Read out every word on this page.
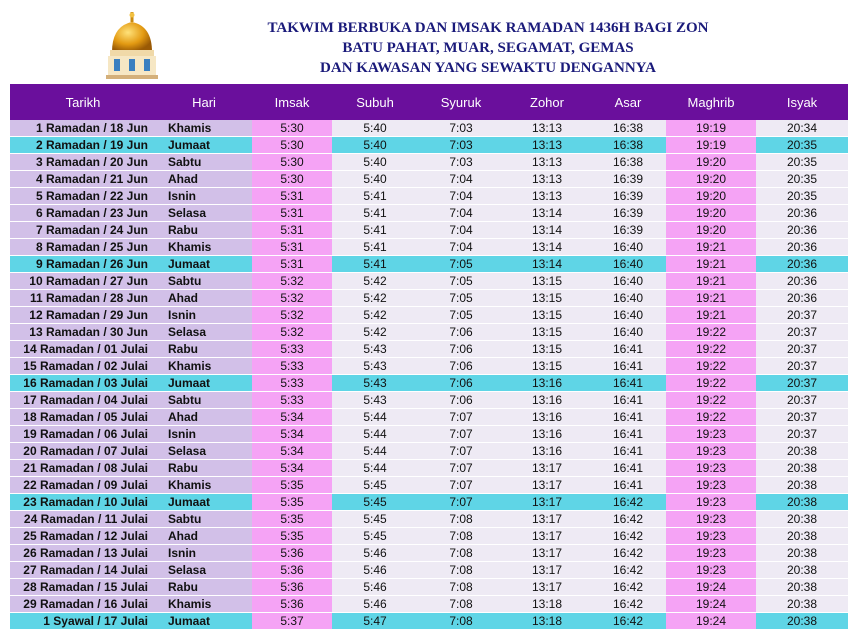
TAKWIM BERBUKA DAN IMSAK RAMADAN 1436H BAGI ZON
BATU PAHAT, MUAR, SEGAMAT, GEMAS
DAN KAWASAN YANG SEWAKTU DENGANNYA
Tarikh	Hari	Imsak	Subuh	Syuruk	Zohor	Asar	Maghrib	Isyak

1 Ramadan / 18 Jun	Khamis	5:30	5:40	7:03	13:13	16:38	19:19	20:34
2 Ramadan / 19 Jun	Jumaat	5:30	5:40	7:03	13:13	16:38	19:19	20:35
3 Ramadan / 20 Jun	Sabtu	5:30	5:40	7:03	13:13	16:38	19:20	20:35
4 Ramadan / 21 Jun	Ahad	5:30	5:40	7:04	13:13	16:39	19:20	20:35
5 Ramadan / 22 Jun	Isnin	5:31	5:41	7:04	13:13	16:39	19:20	20:35
6 Ramadan / 23 Jun	Selasa	5:31	5:41	7:04	13:14	16:39	19:20	20:36
7 Ramadan / 24 Jun	Rabu	5:31	5:41	7:04	13:14	16:39	19:20	20:36
8 Ramadan / 25 Jun	Khamis	5:31	5:41	7:04	13:14	16:40	19:21	20:36
9 Ramadan / 26 Jun	Jumaat	5:31	5:41	7:05	13:14	16:40	19:21	20:36
10 Ramadan / 27 Jun	Sabtu	5:32	5:42	7:05	13:15	16:40	19:21	20:36
11 Ramadan / 28 Jun	Ahad	5:32	5:42	7:05	13:15	16:40	19:21	20:36
12 Ramadan / 29 Jun	Isnin	5:32	5:42	7:05	13:15	16:40	19:21	20:37
13 Ramadan / 30 Jun	Selasa	5:32	5:42	7:06	13:15	16:40	19:22	20:37
14 Ramadan / 01 Julai	Rabu	5:33	5:43	7:06	13:15	16:41	19:22	20:37
15 Ramadan / 02 Julai	Khamis	5:33	5:43	7:06	13:15	16:41	19:22	20:37
16 Ramadan / 03 Julai	Jumaat	5:33	5:43	7:06	13:16	16:41	19:22	20:37
17 Ramadan / 04 Julai	Sabtu	5:33	5:43	7:06	13:16	16:41	19:22	20:37
18 Ramadan / 05 Julai	Ahad	5:34	5:44	7:07	13:16	16:41	19:22	20:37
19 Ramadan / 06 Julai	Isnin	5:34	5:44	7:07	13:16	16:41	19:23	20:37
20 Ramadan / 07 Julai	Selasa	5:34	5:44	7:07	13:16	16:41	19:23	20:38
21 Ramadan / 08 Julai	Rabu	5:34	5:44	7:07	13:17	16:41	19:23	20:38
22 Ramadan / 09 Julai	Khamis	5:35	5:45	7:07	13:17	16:41	19:23	20:38
23 Ramadan / 10 Julai	Jumaat	5:35	5:45	7:07	13:17	16:42	19:23	20:38
24 Ramadan / 11 Julai	Sabtu	5:35	5:45	7:08	13:17	16:42	19:23	20:38
25 Ramadan / 12 Julai	Ahad	5:35	5:45	7:08	13:17	16:42	19:23	20:38
26 Ramadan / 13 Julai	Isnin	5:36	5:46	7:08	13:17	16:42	19:23	20:38
27 Ramadan / 14 Julai	Selasa	5:36	5:46	7:08	13:17	16:42	19:23	20:38
28 Ramadan / 15 Julai	Rabu	5:36	5:46	7:08	13:17	16:42	19:24	20:38
29 Ramadan / 16 Julai	Khamis	5:36	5:46	7:08	13:18	16:42	19:24	20:38
1 Syawal / 17 Julai	Jumaat	5:37	5:47	7:08	13:18	16:42	19:24	20:38
